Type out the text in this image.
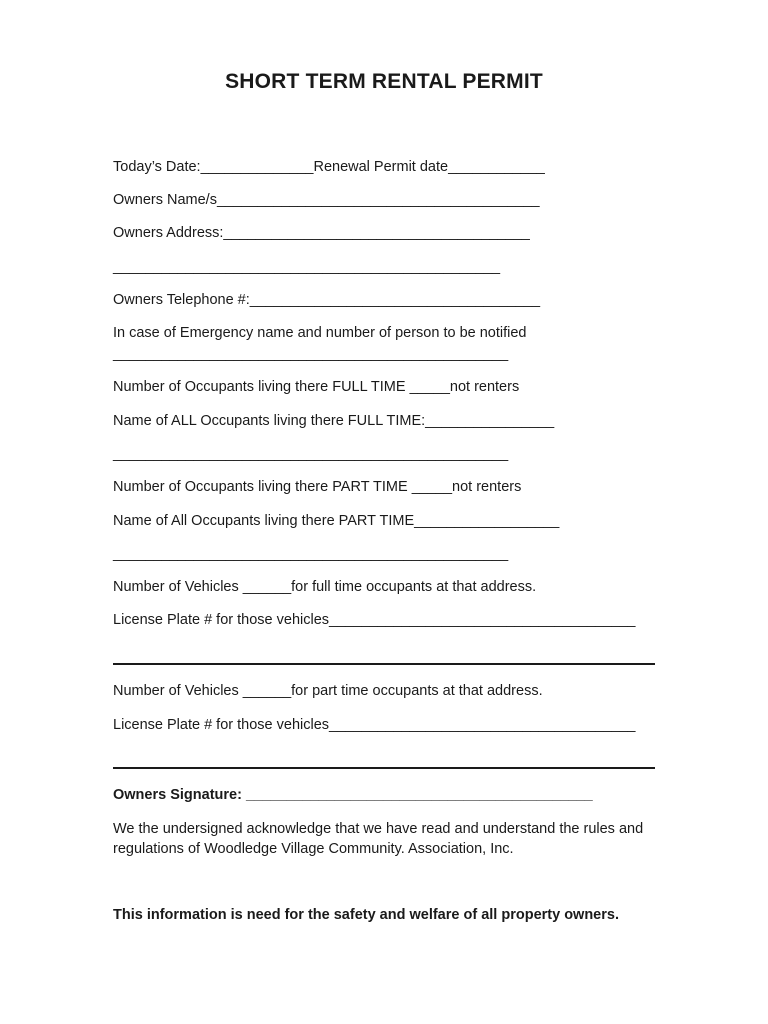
SHORT TERM RENTAL PERMIT
Today’s Date:______________Renewal Permit date____________
Owners Name/s________________________________________
Owners Address:______________________________________
________________________________________________
Owners Telephone #:____________________________________
In case of Emergency name and number of person to be notified
_________________________________________________
Number of Occupants living there FULL TIME _____not renters
Name of ALL Occupants living there FULL TIME:________________
_________________________________________________
Number of Occupants living there PART TIME _____not renters
Name of All Occupants living there PART TIME__________________
_________________________________________________
Number of Vehicles ______for full time occupants at that address.
License Plate # for those vehicles______________________________________
Number of Vehicles ______for part time occupants at that address.
License Plate # for those vehicles______________________________________
Owners Signature: ___________________________________________
We the undersigned acknowledge that we have read and understand the rules and regulations of Woodledge Village Community. Association, Inc.
This information is need for the safety and welfare of all property owners.
